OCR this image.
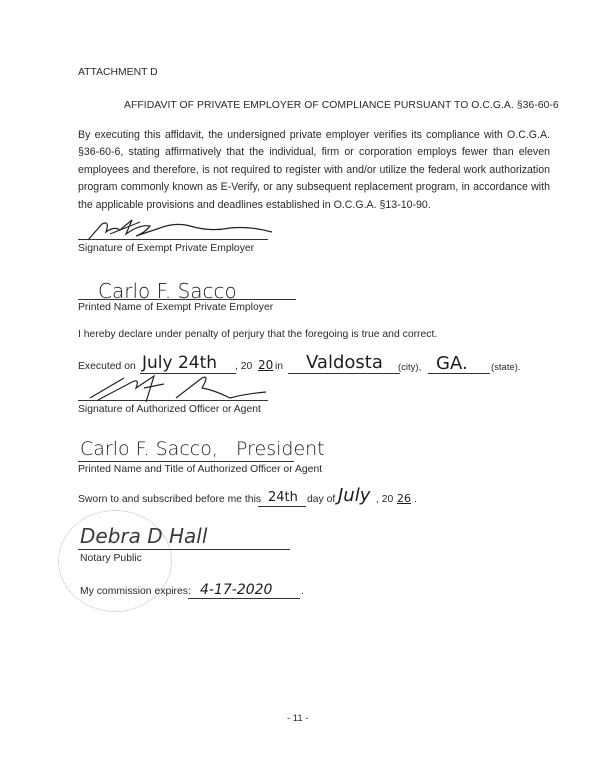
ATTACHMENT D
AFFIDAVIT OF PRIVATE EMPLOYER OF COMPLIANCE PURSUANT TO O.C.G.A. §36-60-6
By executing this affidavit, the undersigned private employer verifies its compliance with O.C.G.A. §36-60-6, stating affirmatively that the individual, firm or corporation employs fewer than eleven employees and therefore, is not required to register with and/or utilize the federal work authorization program commonly known as E-Verify, or any subsequent replacement program, in accordance with the applicable provisions and deadlines established in O.C.G.A. §13-10-90.
Signature of Exempt Private Employer
Carlo F. Sacco
Printed Name of Exempt Private Employer
I hereby declare under penalty of perjury that the foregoing is true and correct.
Executed on July 24th , 20 20 in Valdosta (city), GA. (state).
Signature of Authorized Officer or Agent
Carlo F. Sacco,   President
Printed Name and Title of Authorized Officer or Agent
Sworn to and subscribed before me this 24th day of July , 20 26 .
Debra D Hall
Notary Public
My commission expires: 4-17-2020	.
- 11 -
